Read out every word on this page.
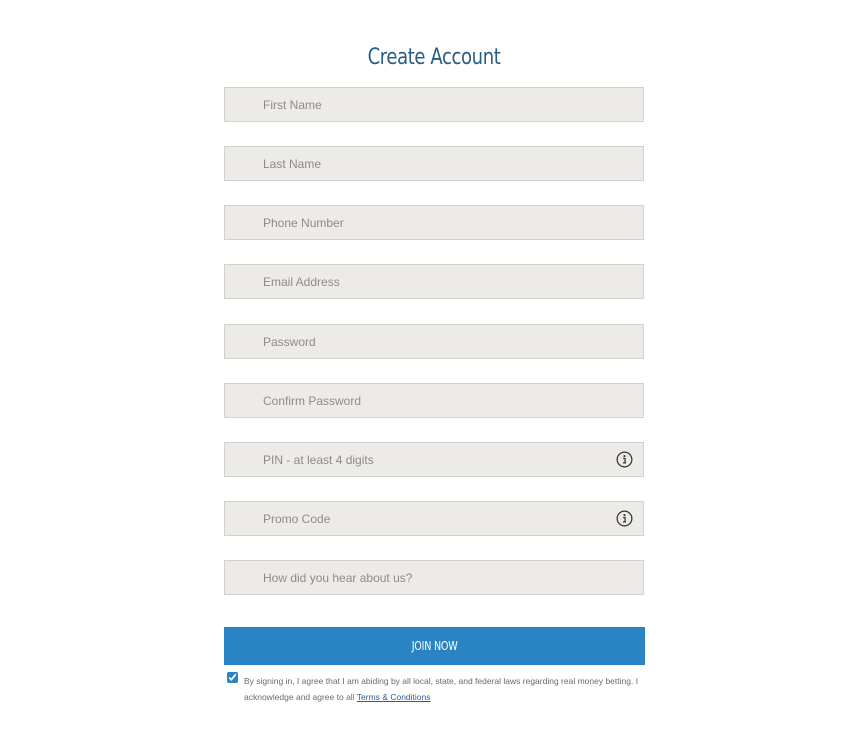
Create Account
First Name
Last Name
Phone Number
Email Address
Promo Code
How did you hear about us?
JOIN NOW
By signing in, I agree that I am abiding by all local, state, and federal laws regarding real money betting. I acknowledge and agree to all Terms & Conditions
